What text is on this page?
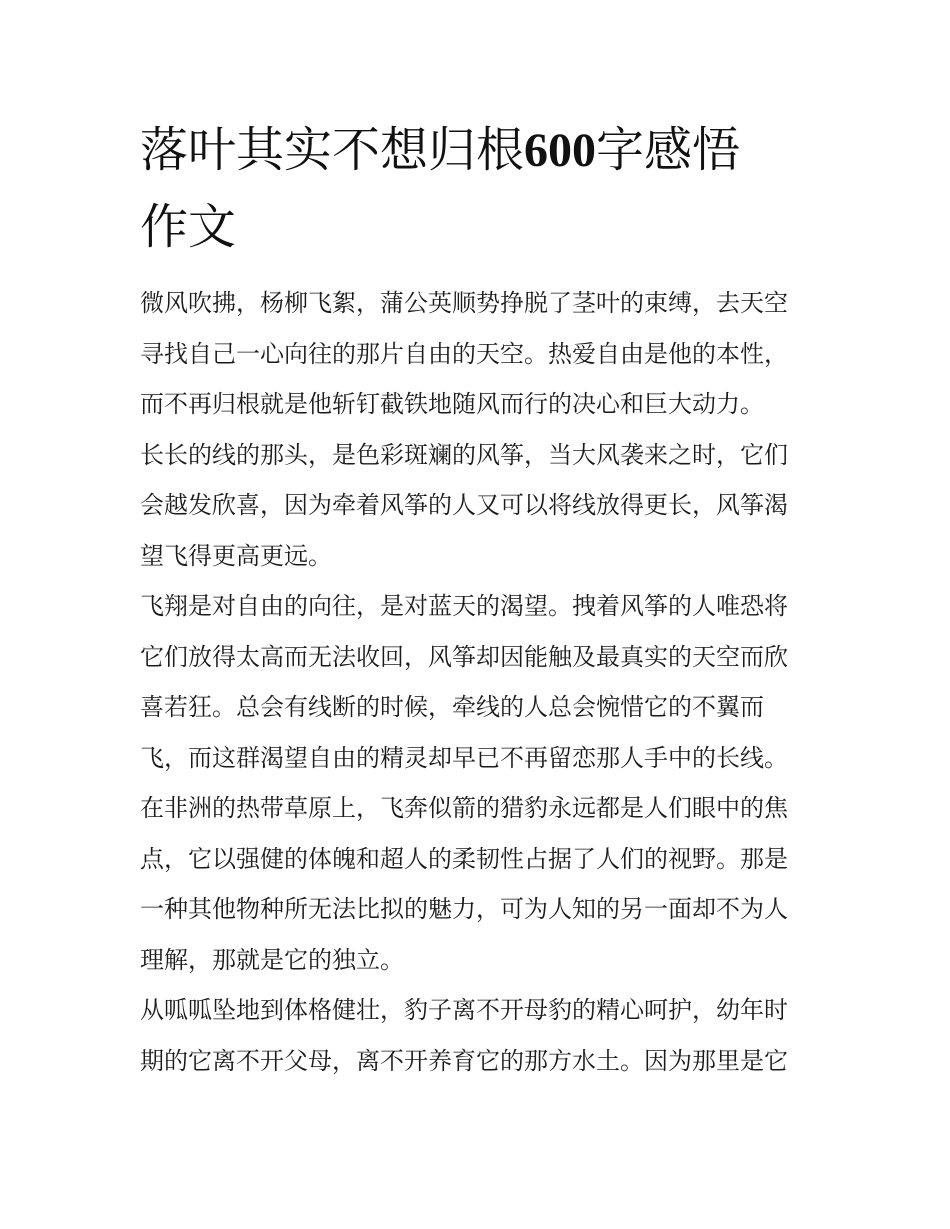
落叶其实不想归根600字感悟
作文

微风吹拂，杨柳飞絮，蒲公英顺势挣脱了茎叶的束缚，去天空
寻找自己一心向往的那片自由的天空。热爱自由是他的本性，
而不再归根就是他斩钉截铁地随风而行的决心和巨大动力。

长长的线的那头，是色彩斑斓的风筝，当大风袭来之时，它们
会越发欣喜，因为牵着风筝的人又可以将线放得更长，风筝渴
望飞得更高更远。

飞翔是对自由的向往，是对蓝天的渴望。拽着风筝的人唯恐将
它们放得太高而无法收回，风筝却因能触及最真实的天空而欣
喜若狂。总会有线断的时候，牵线的人总会惋惜它的不翼而
飞，而这群渴望自由的精灵却早已不再留恋那人手中的长线。

在非洲的热带草原上，飞奔似箭的猎豹永远都是人们眼中的焦
点，它以强健的体魄和超人的柔韧性占据了人们的视野。那是
一种其他物种所无法比拟的魅力，可为人知的另一面却不为人
理解，那就是它的独立。

从呱呱坠地到体格健壮，豹子离不开母豹的精心呵护，幼年时
期的它离不开父母，离不开养育它的那方水土。因为那里是它
